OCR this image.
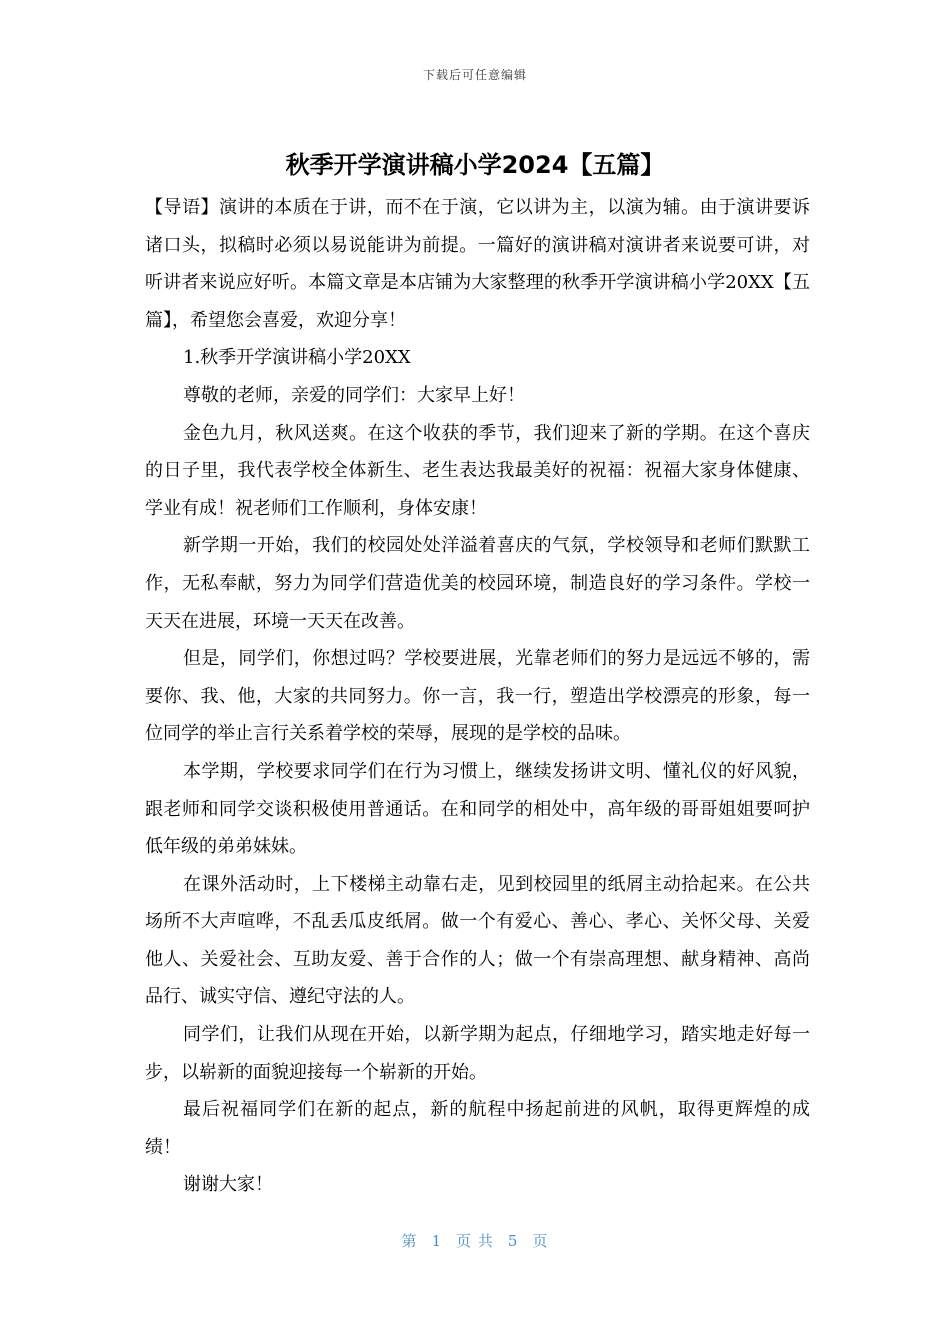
下载后可任意编辑
秋季开学演讲稿小学2024【五篇】

【导语】演讲的本质在于讲，而不在于演，它以讲为主，以演为辅。由于演讲要诉诸口头，拟稿时必须以易说能讲为前提。一篇好的演讲稿对演讲者来说要可讲，对听讲者来说应好听。本篇文章是本店铺为大家整理的秋季开学演讲稿小学20XX【五篇】，希望您会喜爱，欢迎分享！

1.秋季开学演讲稿小学20XX

尊敬的老师，亲爱的同学们：大家早上好！

金色九月，秋风送爽。在这个收获的季节，我们迎来了新的学期。在这个喜庆的日子里，我代表学校全体新生、老生表达我最美好的祝福：祝福大家身体健康、学业有成！祝老师们工作顺利，身体安康！

新学期一开始，我们的校园处处洋溢着喜庆的气氛，学校领导和老师们默默工作，无私奉献，努力为同学们营造优美的校园环境，制造良好的学习条件。学校一天天在进展，环境一天天在改善。

但是，同学们，你想过吗？学校要进展，光靠老师们的努力是远远不够的，需要你、我、他，大家的共同努力。你一言，我一行，塑造出学校漂亮的形象，每一位同学的举止言行关系着学校的荣辱，展现的是学校的品味。

本学期，学校要求同学们在行为习惯上，继续发扬讲文明、懂礼仪的好风貌，跟老师和同学交谈积极使用普通话。在和同学的相处中，高年级的哥哥姐姐要呵护低年级的弟弟妹妹。

在课外活动时，上下楼梯主动靠右走，见到校园里的纸屑主动拾起来。在公共场所不大声喧哗，不乱丢瓜皮纸屑。做一个有爱心、善心、孝心、关怀父母、关爱他人、关爱社会、互助友爱、善于合作的人；做一个有崇高理想、献身精神、高尚品行、诚实守信、遵纪守法的人。

同学们，让我们从现在开始，以新学期为起点，仔细地学习，踏实地走好每一步，以崭新的面貌迎接每一个崭新的开始。

最后祝福同学们在新的起点，新的航程中扬起前进的风帆，取得更辉煌的成绩！

谢谢大家！

第 1 页 共 5 页
